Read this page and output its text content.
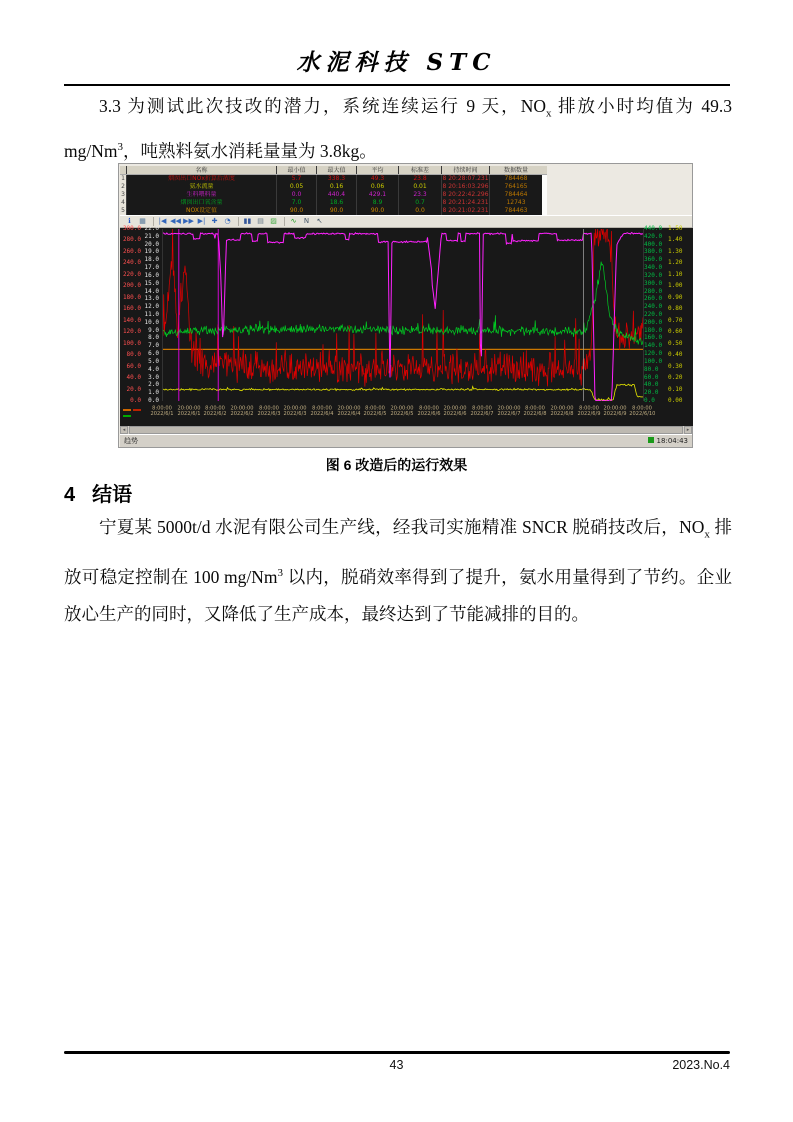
水泥科技 STC

3.3 为测试此次技改的潜力，系统连续运行 9 天，$NO_x$ 排放小时均值为 49.3 mg/Nm$^3$，吨熟料氨水消耗量量为 3.8kg。

名称	最小值	最大值	平均	标准差	持续时间	数据数量
1	烟囱出口NOx折算后浓度	5.7	338.3	49.3	23.8	8 20:28:07.231	784468
2	氨水流量	0.05	0.16	0.06	0.01	8 20:16:03.296	764165
3	生料喂料量	0.0	440.4	429.1	23.3	8 20:22:42.296	784464
4	烟囱出口氧含量	7.0	18.6	8.9	0.7	8 20:21:24.231	12743
5	NOX设定值	90.0	90.0	90.0	0.0	8 20:21:02.231	784463
ℹ	▦	|◀ ◀◀ ▶▶ ▶| ✚	◔	▮▮ ▤ ▨	∿	N	↖
300.0
280.0
260.0
240.0
220.0
200.0
180.0
160.0
140.0
120.0
100.0
80.0
60.0
40.0
20.0
0.0
22.0
21.0
20.0
19.0
18.0
17.0
16.0
15.0
14.0
13.0
12.0
11.0
10.0
9.0
8.0
7.0
6.0
5.0
4.0
3.0
2.0
1.0
0.0
440.0
420.0
400.0
380.0
360.0
340.0
320.0
300.0
280.0
260.0
240.0
220.0
200.0
180.0
160.0
140.0
120.0
100.0
80.0
60.0
40.0
20.0
0.0
1.50
1.40
1.30
1.20
1.10
1.00
0.90
0.80
0.70
0.60
0.50
0.40
0.30
0.20
0.10
0.00
8:00:00
2022/6/1
20:00:00
2022/6/1
8:00:00
2022/6/2
20:00:00
2022/6/2
8:00:00
2022/6/3
20:00:00
2022/6/3
8:00:00
2022/6/4
20:00:00
2022/6/4
8:00:00
2022/6/5
20:00:00
2022/6/5
8:00:00
2022/6/6
20:00:00
2022/6/6
8:00:00
2022/6/7
20:00:00
2022/6/7
8:00:00
2022/6/8
20:00:00
2022/6/8
8:00:00
2022/6/9
20:00:00
2022/6/9
8:00:00
2022/6/10
◂	▸
趋势	18:04:43
图 6 改造后的运行效果
4 结语

宁夏某 5000t/d 水泥有限公司生产线，经我司实施精准 SNCR 脱硝技改后，$NO_x$ 排放可稳定控制在 100 mg/Nm$^3$ 以内，脱硝效率得到了提升，氨水用量得到了节约。企业放心生产的同时，又降低了生产成本，最终达到了节能减排的目的。

43	2023.No.4
